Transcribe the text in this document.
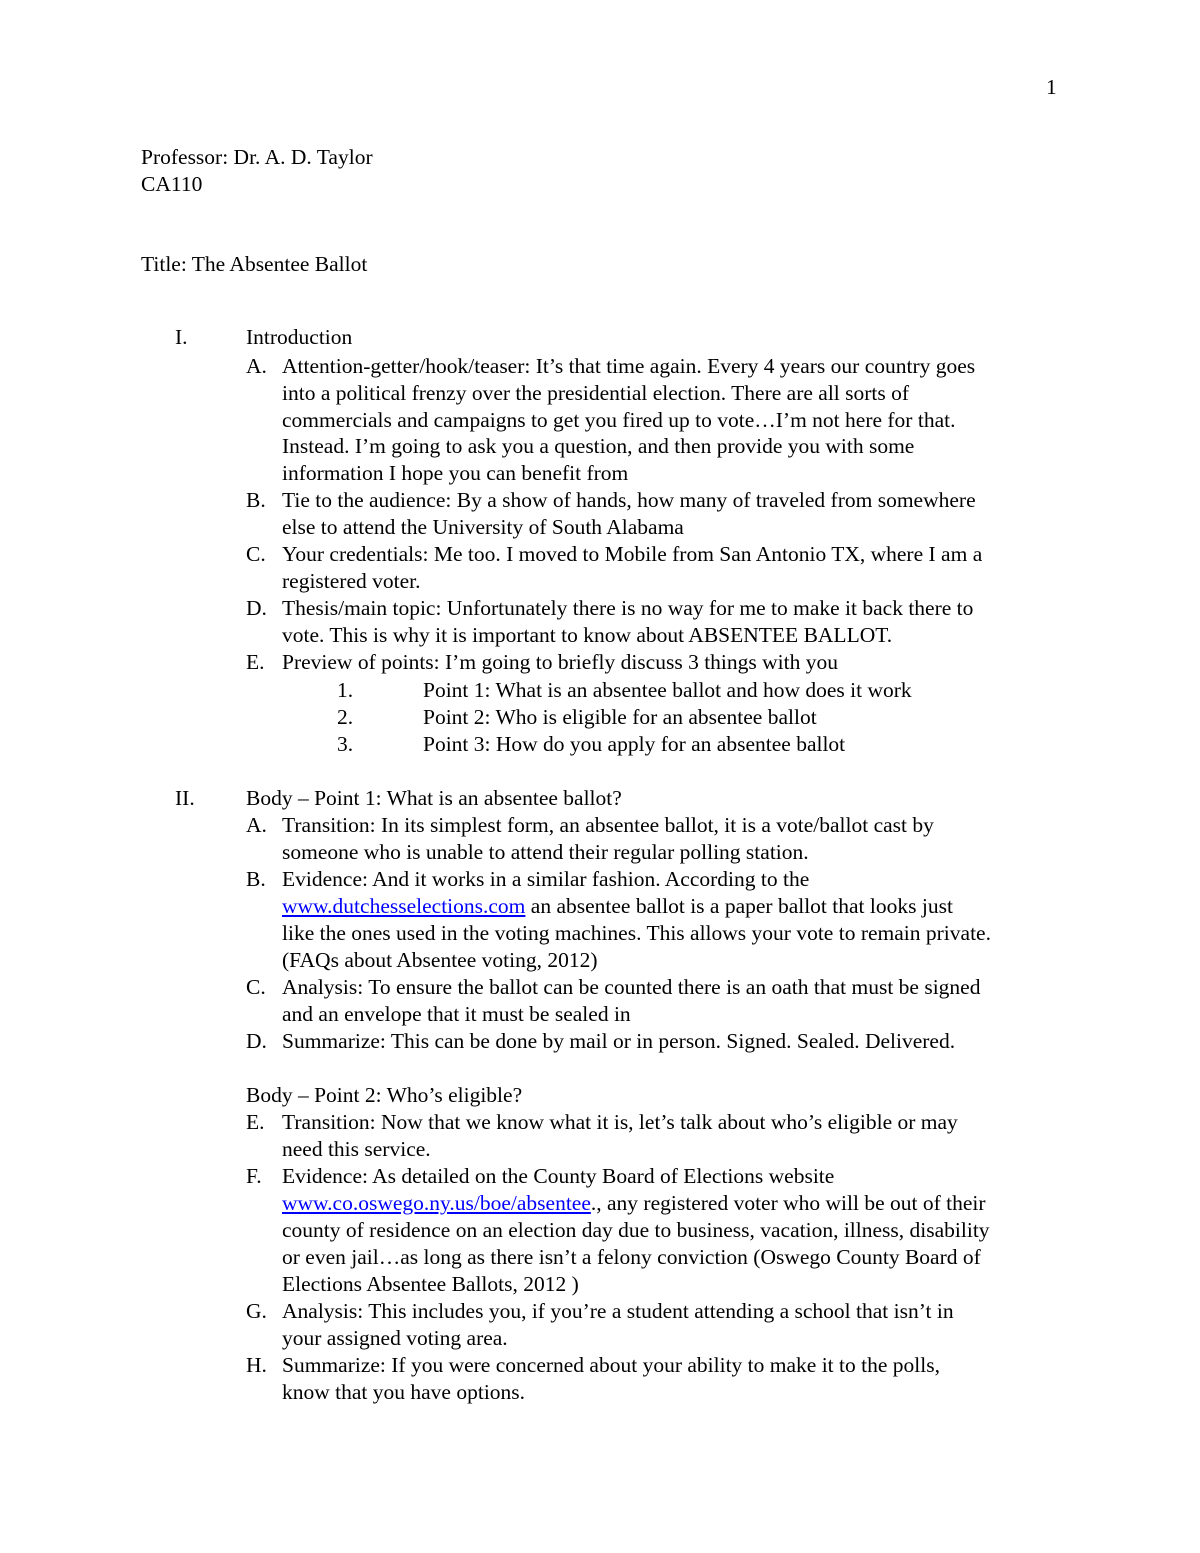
1
Professor: Dr. A. D. Taylor
CA110
Title: The Absentee Ballot
I.	Introduction
A. Attention-getter/hook/teaser: It’s that time again. Every 4 years our country goes
into a political frenzy over the presidential election. There are all sorts of
commercials and campaigns to get you fired up to vote…I’m not here for that.
Instead. I’m going to ask you a question, and then provide you with some
information I hope you can benefit from
B. Tie to the audience: By a show of hands, how many of traveled from somewhere
else to attend the University of South Alabama
C. Your credentials: Me too. I moved to Mobile from San Antonio TX, where I am a
registered voter.
D. Thesis/main topic: Unfortunately there is no way for me to make it back there to
vote. This is why it is important to know about ABSENTEE BALLOT.
E. Preview of points: I’m going to briefly discuss 3 things with you
1.	Point 1: What is an absentee ballot and how does it work
2.	Point 2: Who is eligible for an absentee ballot
3.	Point 3: How do you apply for an absentee ballot
II. Body – Point 1: What is an absentee ballot?
A. Transition: In its simplest form, an absentee ballot, it is a vote/ballot cast by
someone who is unable to attend their regular polling station.
B. Evidence: And it works in a similar fashion. According to the
www.dutchesselections.com an absentee ballot is a paper ballot that looks just
like the ones used in the voting machines. This allows your vote to remain private.
(FAQs about Absentee voting, 2012)
C. Analysis: To ensure the ballot can be counted there is an oath that must be signed
and an envelope that it must be sealed in
D. Summarize: This can be done by mail or in person. Signed. Sealed. Delivered.
Body – Point 2: Who’s eligible?
E. Transition: Now that we know what it is, let’s talk about who’s eligible or may
need this service.
F. Evidence: As detailed on the County Board of Elections website
www.co.oswego.ny.us/boe/absentee., any registered voter who will be out of their
county of residence on an election day due to business, vacation, illness, disability
or even jail…as long as there isn’t a felony conviction (Oswego County Board of
Elections Absentee Ballots, 2012 )
G. Analysis: This includes you, if you’re a student attending a school that isn’t in
your assigned voting area.
H. Summarize: If you were concerned about your ability to make it to the polls,
know that you have options.
